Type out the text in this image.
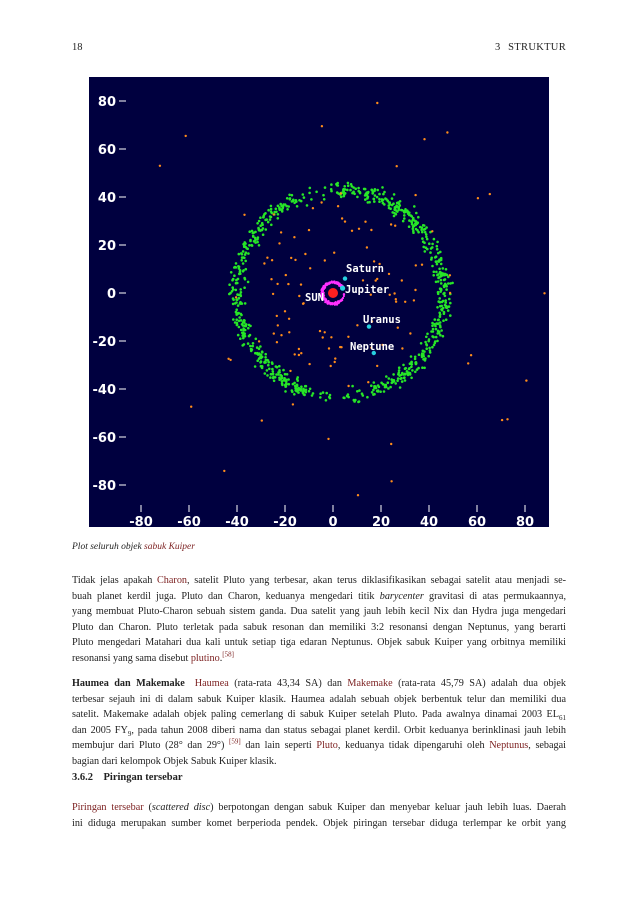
18	3 STRUKTUR
80
60
40
20
0
-20
-40
-60
-80
-80 -60 -40 -20 0	20 40 60 80
Saturn
Jupiter
SUN
Uranus
Neptune
Plot seluruh objek sabuk Kuiper
Tidak jelas apakah Charon, satelit Pluto yang terbesar, akan terus diklasifikasikan sebagai satelit atau menjadi se-
buah planet kerdil juga. Pluto dan Charon, keduanya mengedari titik barycenter gravitasi di atas permukaannya,
yang membuat Pluto-Charon sebuah sistem ganda. Dua satelit yang jauh lebih kecil Nix dan Hydra juga mengedari
Pluto dan Charon. Pluto terletak pada sabuk resonan dan memiliki 3:2 resonansi dengan Neptunus, yang berarti
Pluto mengedari Matahari dua kali untuk setiap tiga edaran Neptunus. Objek sabuk Kuiper yang orbitnya memiliki
resonansi yang sama disebut plutino.[58]
Haumea dan Makemake Haumea (rata-rata 43,34 SA) dan Makemake (rata-rata 45,79 SA) adalah dua objek
terbesar sejauh ini di dalam sabuk Kuiper klasik. Haumea adalah sebuah objek berbentuk telur dan memiliki dua
satelit. Makemake adalah objek paling cemerlang di sabuk Kuiper setelah Pluto. Pada awalnya dinamai 2003 $EL_{61}$
dan 2005 $FY_9$, pada tahun 2008 diberi nama dan status sebagai planet kerdil. Orbit keduanya berinklinasi jauh lebih
membujur dari Pluto (28° dan 29°) [59] dan lain seperti Pluto, keduanya tidak dipengaruhi oleh Neptunus, sebagai
bagian dari kelompok Objek Sabuk Kuiper klasik.
3.6.2 Piringan tersebar
Piringan tersebar (scattered disc) berpotongan dengan sabuk Kuiper dan menyebar keluar jauh lebih luas. Daerah
ini diduga merupakan sumber komet berperioda pendek. Objek piringan tersebar diduga terlempar ke orbit yang
